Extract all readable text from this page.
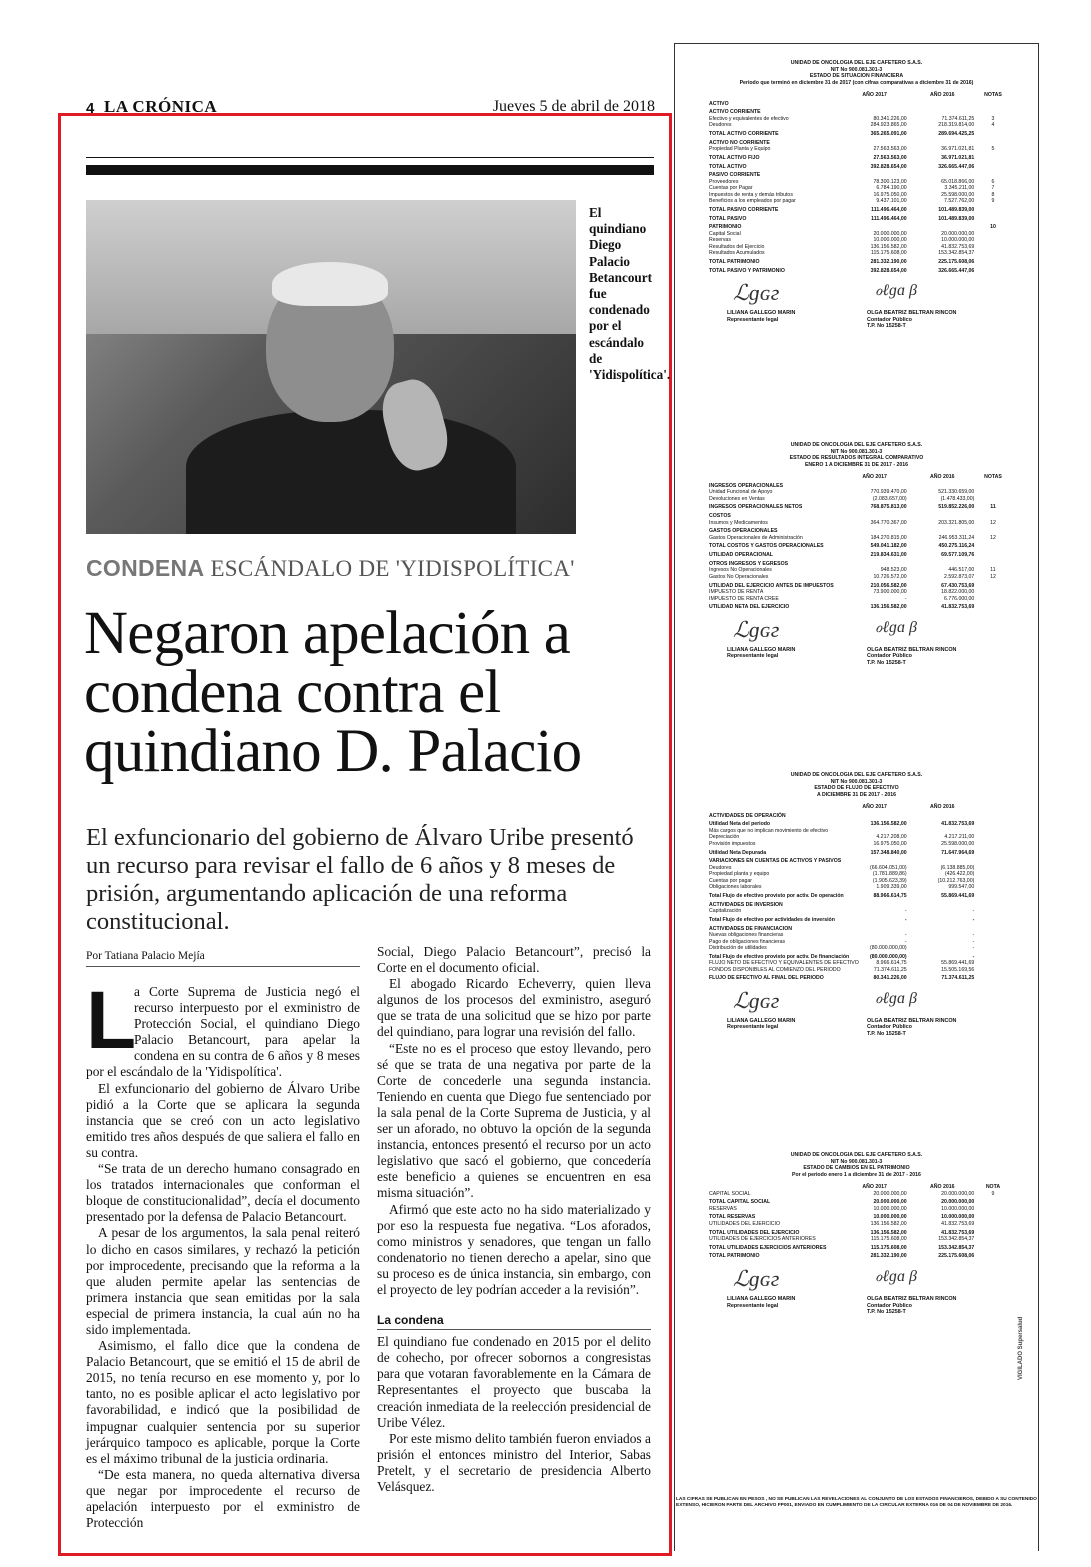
4 LA CRÓNICA	Jueves 5 de abril de 2018
El quindiano Diego Palacio Betancourt fue condenado por el escándalo de 'Yidispolítica'.
CONDENA ESCÁNDALO DE 'YIDISPOLÍTICA'
Negaron apelación a condena contra el quindiano D. Palacio
El exfuncionario del gobierno de Álvaro Uribe presentó un recurso para revisar el fallo de 6 años y 8 meses de prisión, argumentando aplicación de una reforma constitucional.
Por Tatiana Palacio Mejía
L

a Corte Suprema de Justicia negó el recurso interpuesto por el exministro de Protección Social, el quindiano Diego Palacio Betancourt, para apelar la condena en su contra de 6 años y 8 meses por el escándalo de la 'Yidispolítica'.

El exfuncionario del gobierno de Álvaro Uribe pidió a la Corte que se aplicara la segunda instancia que se creó con un acto legislativo emitido tres años después de que saliera el fallo en su contra.

“Se trata de un derecho humano consagrado en los tratados internacionales que conforman el bloque de constitucionalidad”, decía el documento presentado por la defensa de Palacio Betancourt.

A pesar de los argumentos, la sala penal reiteró lo dicho en casos similares, y rechazó la petición por improcedente, precisando que la reforma a la que aluden permite apelar las sentencias de primera instancia que sean emitidas por la sala especial de primera instancia, la cual aún no ha sido implementada.

Asimismo, el fallo dice que la condena de Palacio Betancourt, que se emitió el 15 de abril de 2015, no tenía recurso en ese momento y, por lo tanto, no es posible aplicar el acto legislativo por favorabilidad, e indicó que la posibilidad de impugnar cualquier sentencia por su superior jerárquico tampoco es aplicable, porque la Corte es el máximo tribunal de la justicia ordinaria.

“De esta manera, no queda alternativa diversa que negar por improcedente el recurso de apelación interpuesto por el exministro de Protección

Social, Diego Palacio Betancourt”, precisó la Corte en el documento oficial.

El abogado Ricardo Echeverry, quien lleva algunos de los procesos del exministro, aseguró que se trata de una solicitud que se hizo por parte del quindiano, para lograr una revisión del fallo.

“Este no es el proceso que estoy llevando, pero sé que se trata de una negativa por parte de la Corte de concederle una segunda instancia. Teniendo en cuenta que Diego fue sentenciado por la sala penal de la Corte Suprema de Justicia, y al ser un aforado, no obtuvo la opción de la segunda instancia, entonces presentó el recurso por un acto legislativo que sacó el gobierno, que concedería este beneficio a quienes se encuentren en esa misma situación”.

Afirmó que este acto no ha sido materializado y por eso la respuesta fue negativa. “Los aforados, como ministros y senadores, que tengan un fallo condenatorio no tienen derecho a apelar, sino que su proceso es de única instancia, sin embargo, con el proyecto de ley podrían acceder a la revisión”.

La condena

El quindiano fue condenado en 2015 por el delito de cohecho, por ofrecer sobornos a congresistas para que votaran favorablemente en la Cámara de Representantes el proyecto que buscaba la creación inmediata de la reelección presidencial de Uribe Vélez.

Por este mismo delito también fueron enviados a prisión el entonces ministro del Interior, Sabas Pretelt, y el secretario de presidencia Alberto Velásquez.

UNIDAD DE ONCOLOGIA DEL EJE CAFETERO S.A.S.
NIT No 900.081.301-3
ESTADO DE SITUACION FINANCIERA
Periodo que terminó en diciembre 31 de 2017 (con cifras comparativas a diciembre 31 de 2016)
AÑO 2017	AÑO 2016	NOTAS
ACTIVO
ACTIVO CORRIENTE
Efectivo y equivalentes de efectivo	80.341.226,00	71.374.611,25	3
Deudores	284.923.865,00	218.319.814,00	4
TOTAL ACTIVO CORRIENTE	365.265.091,00	289.694.425,25
ACTIVO NO CORRIENTE
Propiedad Planta y Equipo	27.563.563,00	36.971.021,81	5
TOTAL ACTIVO FIJO	27.563.563,00	36.971.021,81
TOTAL ACTIVO	392.828.654,00	326.665.447,06
PASIVO CORRIENTE
Proveedores	78.300.123,00	65.018.866,00	6
Cuentas por Pagar	6.784.190,00	3.345.211,00	7
Impuestos de renta y demás tributos	16.975.050,00	25.598.000,00	8
Beneficios a los empleados por pagar	9.437.101,00	7.527.762,00	9
TOTAL PASIVO CORRIENTE	111.496.464,00	101.489.839,00
TOTAL PASIVO	111.496.464,00	101.489.839,00
PATRIMONIO	10
Capital Social	20.000.000,00	20.000.000,00
Reservas	10.000.000,00	10.000.000,00
Resultados del Ejercicio	136.156.582,00	41.832.753,69
Resultados Acumulados	115.175.608,00	153.342.854,37
TOTAL PATRIMONIO	281.332.190,00	225.175.608,06
TOTAL PASIVO Y PATRIMONIO	392.828.654,00	326.665.447,06
ℒɡɢг	ℴℓɡɑ β
LILIANA GALLEGO MARIN
Representante legal
OLGA BEATRIZ BELTRAN RINCON
Contador Público
T.P. No 15258-T
UNIDAD DE ONCOLOGIA DEL EJE CAFETERO S.A.S.
NIT No 900.081.301-3
ESTADO DE RESULTADOS INTEGRAL COMPARATIVO
ENERO 1 A DICIEMBRE 31 DE 2017 - 2016
AÑO 2017	AÑO 2016	NOTAS
INGRESOS OPERACIONALES
Unidad Funcional de Apoyo	770.939.470,00	521.330.659,00
Devoluciones en Ventas	(2.083.657,00)	(1.478.433,00)
INGRESOS OPERACIONALES NETOS	768.875.813,00	519.852.226,00	11
COSTOS
Insumos y Medicamentos	364.770.367,00	203.321.805,00	12
GASTOS OPERACIONALES
Gastos Operacionales de Administración	184.270.815,00	246.953.311,24	12
TOTAL COSTOS Y GASTOS OPERACIONALES	549.041.182,00	450.275.116,24
UTILIDAD OPERACIONAL	219.834.631,00	69.577.109,76
OTROS INGRESOS Y EGRESOS
Ingresos No Operacionales	948.523,00	446.517,00	11
Gastos No Operacionales	10.726.572,00	2.592.873,07	12
UTILIDAD DEL EJERCICIO ANTES DE IMPUESTOS	210.056.582,00	67.430.753,69
IMPUESTO DE RENTA	73.900.000,00	18.822.000,00
IMPUESTO DE RENTA CREE	-	6.776.000,00
UTILIDAD NETA DEL EJERCICIO	136.156.582,00	41.832.753,69
ℒɡɢг	ℴℓɡɑ β
LILIANA GALLEGO MARIN
Representante legal
OLGA BEATRIZ BELTRAN RINCON
Contador Público
T.P. No 15258-T
UNIDAD DE ONCOLOGIA DEL EJE CAFETERO S.A.S.
NIT No 900.081.301-3
ESTADO DE FLUJO DE EFECTIVO
A DICIEMBRE 31 DE 2017 - 2016
AÑO 2017	AÑO 2016
ACTIVIDADES DE OPERACIÓN
Utilidad Neta del periodo	136.156.582,00	41.832.753,69
Más cargos que no implican movimiento de efectivo
Depreciación	4.217.208,00	4.217.211,00
Provisión impuestos	16.975.050,00	25.598.000,00
Utilidad Neta Depurada	157.348.840,00	71.647.964,69
VARIACIONES EN CUENTAS DE ACTIVOS Y PASIVOS
Deudores	(66.604.051,00)	(6.138.885,00)
Propiedad planta y equipo	(1.781.889,86)	(426.422,00)
Cuentas por pagar	(1.905.623,39)	(10.212.763,00)
Obligaciones laborales	1.909.339,00	999.547,00
Total Flujo de efectivo provisto por activ. De operación	88.966.614,75	55.869.441,69
ACTIVIDADES DE INVERSION
Capitalización	-	-
Total Flujo de efectivo por actividades de inversión	-	-
ACTIVIDADES DE FINANCIACION
Nuevas obligaciones financieras	-	-
Pago de obligaciones financieras	-	-
Distribución de utilidades	(80.000.000,00)	-
Total Flujo de efectivo provisto por activ. De financiación	(80.000.000,00)	-
FLUJO NETO DE EFECTIVO Y EQUIVALENTES DE EFECTIVO	8.966.614,75	55.869.441,69
FONDOS DISPONIBLES AL COMIENZO DEL PERIODO	71.374.611,25	15.505.169,56
FLUJO DE EFECTIVO AL FINAL DEL PERIODO	80.341.226,00	71.374.611,25
ℒɡɢг	ℴℓɡɑ β
LILIANA GALLEGO MARIN
Representante legal
OLGA BEATRIZ BELTRAN RINCON
Contador Público
T.P. No 15258-T
UNIDAD DE ONCOLOGIA DEL EJE CAFETERO S.A.S.
NIT No 900.081.301-3
ESTADO DE CAMBIOS EN EL PATRIMONIO
Por el periodo enero 1 a diciembre 31 de 2017 - 2016
AÑO 2017	AÑO 2016	NOTA
CAPITAL SOCIAL	20.000.000,00	20.000.000,00	9
TOTAL CAPITAL SOCIAL	20.000.000,00	20.000.000,00
RESERVAS	10.000.000,00	10.000.000,00
TOTAL RESERVAS	10.000.000,00	10.000.000,00
UTILIDADES DEL EJERCICIO	136.156.582,00	41.832.753,69
TOTAL UTILIDADES DEL EJERCICIO	136.156.582,00	41.832.753,69
UTILIDADES DE EJERCICIOS ANTERIORES	115.175.608,00	153.342.854,37
TOTAL UTILIDADES EJERCICIOS ANTERIORES	115.175.608,00	153.342.854,37
TOTAL PATRIMONIO	281.332.190,00	225.175.608,06
ℒɡɢг	ℴℓɡɑ β
LILIANA GALLEGO MARIN
Representante legal
OLGA BEATRIZ BELTRAN RINCON
Contador Público
T.P. No 15258-T
VIGILADO Supersalud
LAS CIFRAS SE PUBLICAN EN PESOS , NO SE PUBLICAN LAS REVELACIONES AL CONJUNTO DE LOS ESTADOS FINANCIEROS, DEBIDO A SU CONTENIDO EXTENSO, HICIERON PARTE DEL ARCHIVO FP001, ENVIADO EN CUMPLIMIENTO DE LA CIRCULAR EXTERNA 016 DE 04 DE NOVIEMBRE DE 2016.
